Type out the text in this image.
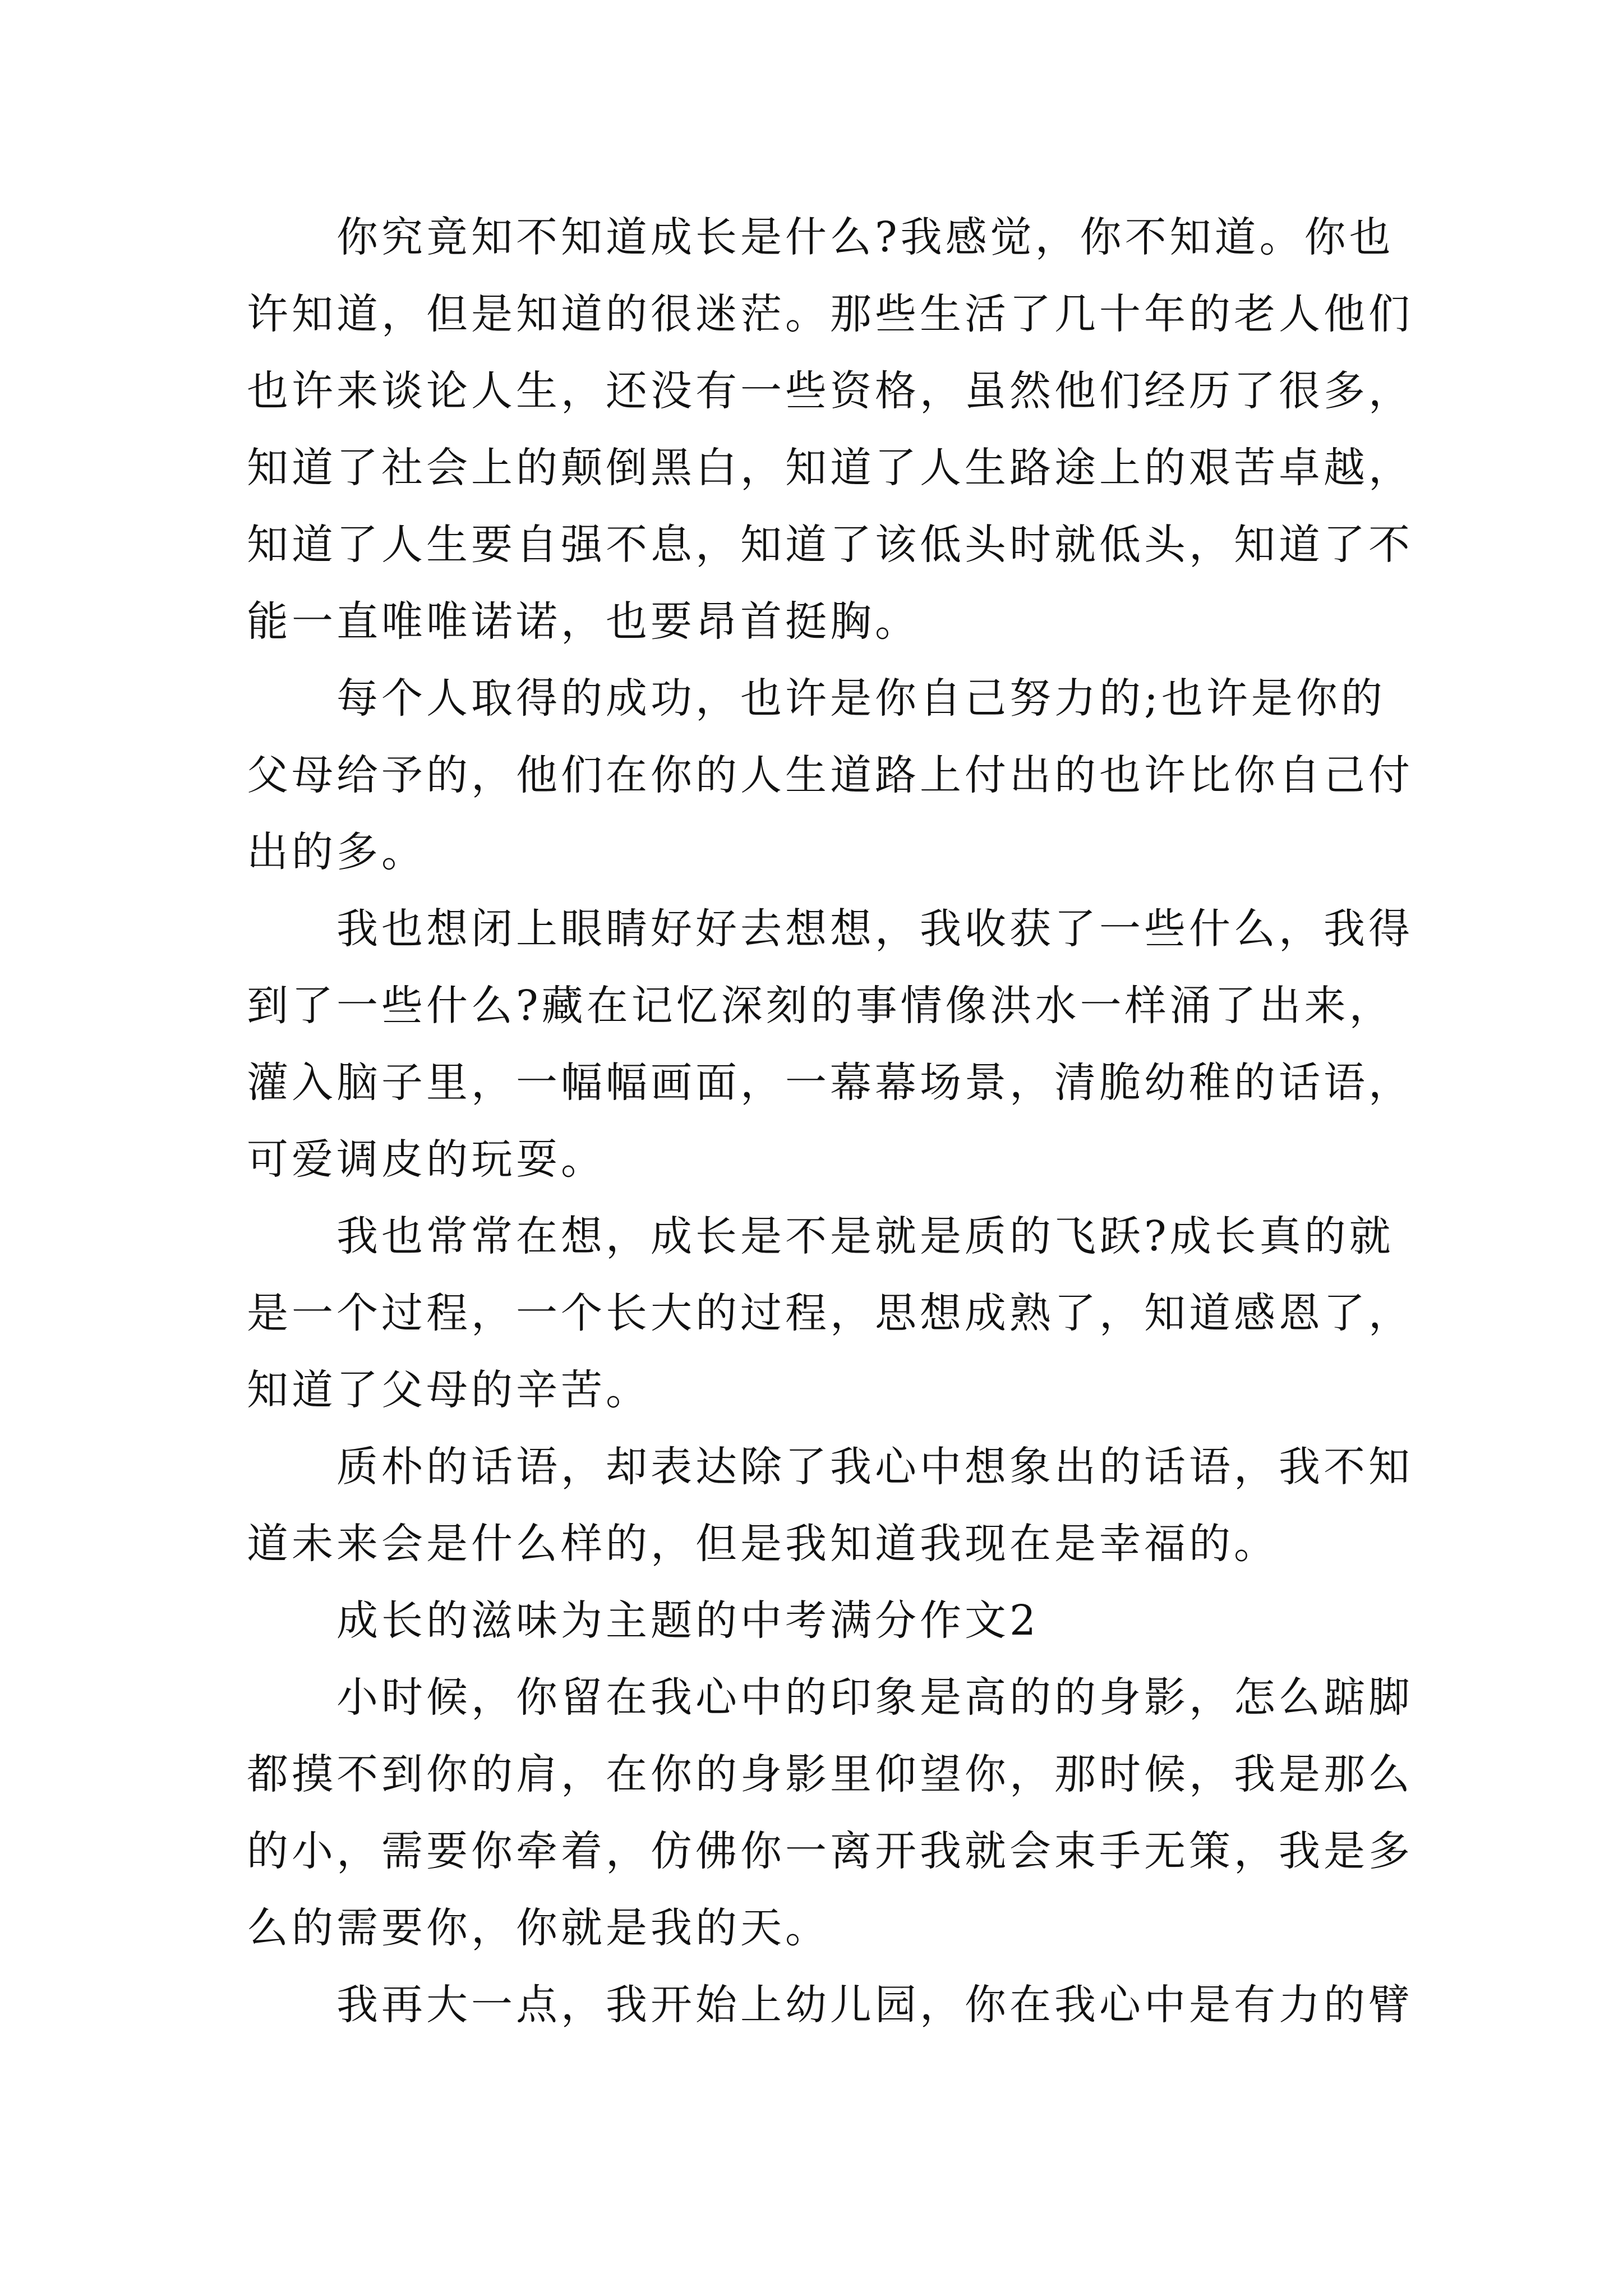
你究竟知不知道成长是什么?我感觉，你不知道。你也
许知道，但是知道的很迷茫。那些生活了几十年的老人他们
也许来谈论人生，还没有一些资格，虽然他们经历了很多，
知道了社会上的颠倒黑白，知道了人生路途上的艰苦卓越，
知道了人生要自强不息，知道了该低头时就低头，知道了不
能一直唯唯诺诺，也要昂首挺胸。
每个人取得的成功，也许是你自己努力的;也许是你的
父母给予的，他们在你的人生道路上付出的也许比你自己付
出的多。
我也想闭上眼睛好好去想想，我收获了一些什么，我得
到了一些什么?藏在记忆深刻的事情像洪水一样涌了出来，
灌入脑子里，一幅幅画面，一幕幕场景，清脆幼稚的话语，
可爱调皮的玩耍。
我也常常在想，成长是不是就是质的飞跃?成长真的就
是一个过程，一个长大的过程，思想成熟了，知道感恩了，
知道了父母的辛苦。
质朴的话语，却表达除了我心中想象出的话语，我不知
道未来会是什么样的，但是我知道我现在是幸福的。
成长的滋味为主题的中考满分作文2
小时候，你留在我心中的印象是高的的身影，怎么踮脚
都摸不到你的肩，在你的身影里仰望你，那时候，我是那么
的小，需要你牵着，仿佛你一离开我就会束手无策，我是多
么的需要你，你就是我的天。
我再大一点，我开始上幼儿园，你在我心中是有力的臂
